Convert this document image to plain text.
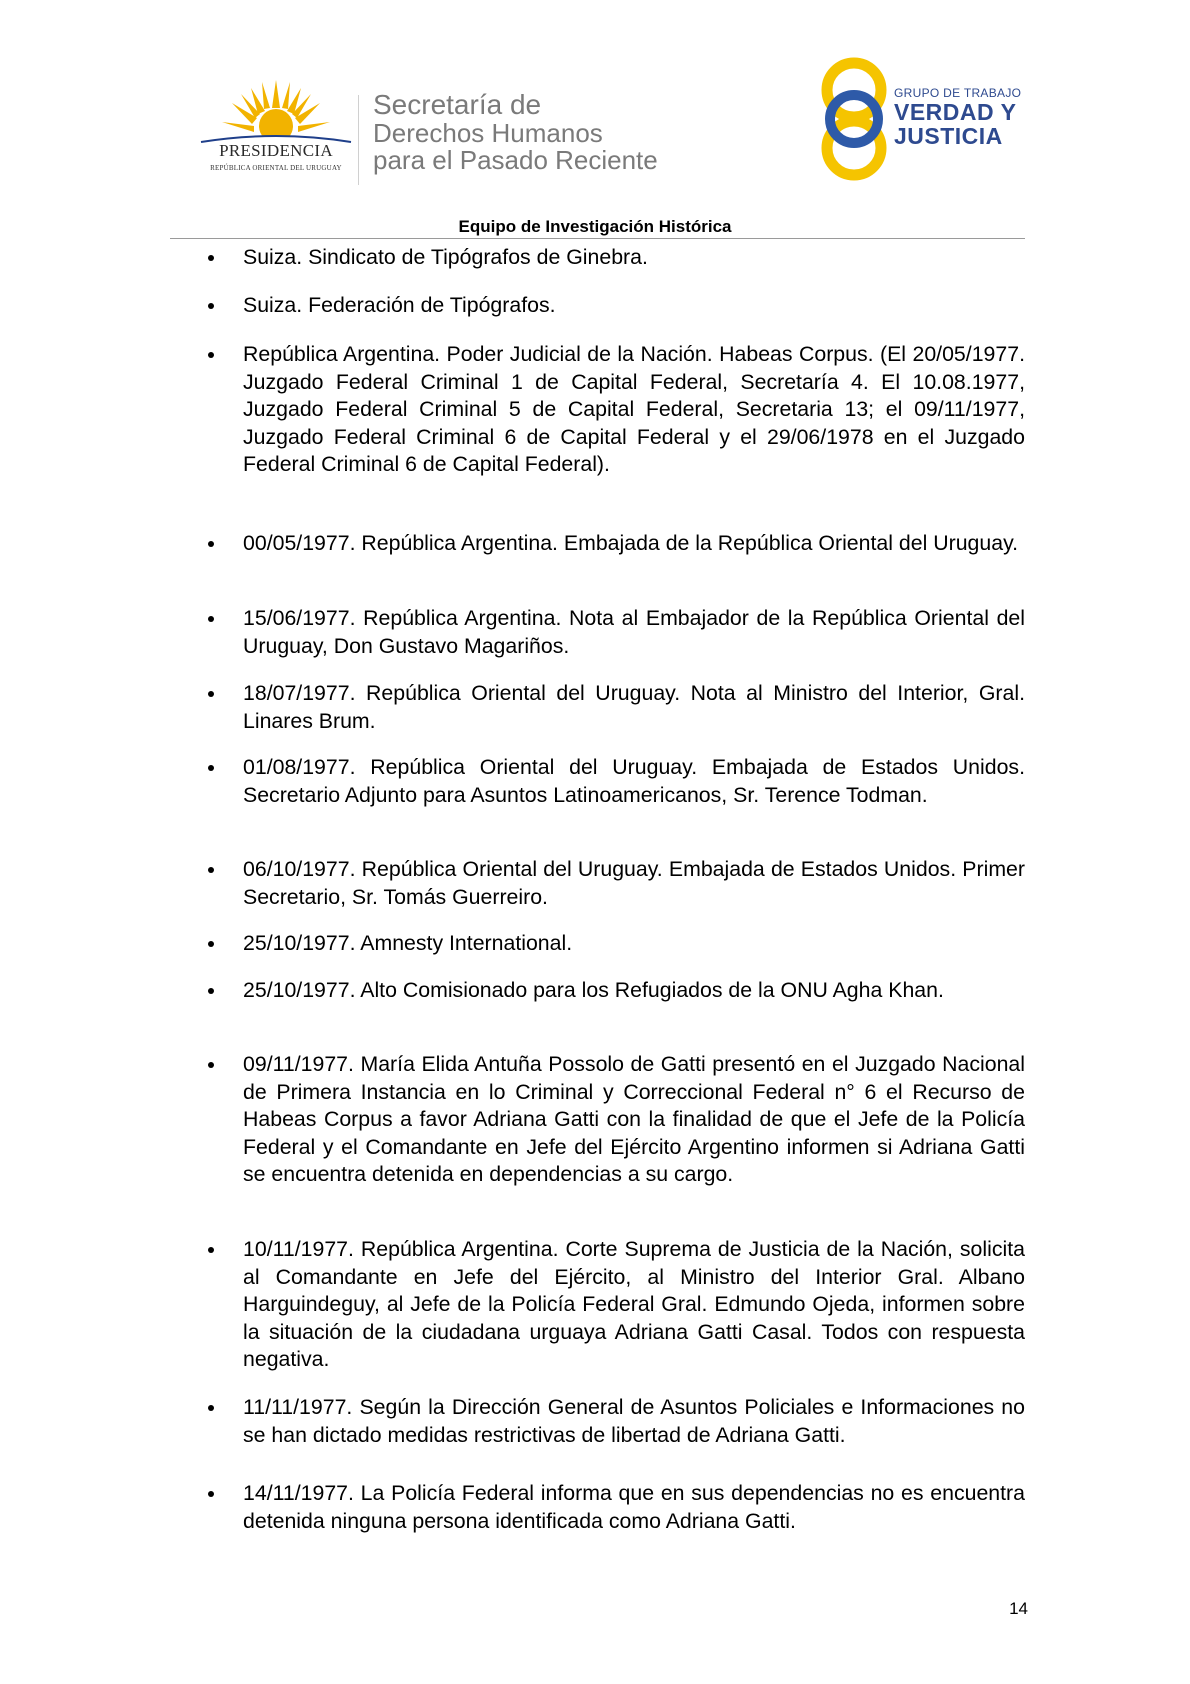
PRESIDENCIA
REPÚBLICA ORIENTAL DEL URUGUAY
Secretaría de
Derechos Humanos
para el Pasado Reciente
GRUPO DE TRABAJO
VERDAD Y
JUSTICIA
Equipo de Investigación Histórica
Suiza. Sindicato de Tipógrafos de Ginebra.
Suiza. Federación de Tipógrafos.
República Argentina. Poder Judicial de la Nación. Habeas Corpus. (El 20/05/1977. Juzgado Federal Criminal 1 de Capital Federal, Secretaría 4. El 10.08.1977, Juzgado Federal Criminal 5 de Capital Federal, Secretaria 13; el 09/11/1977, Juzgado Federal Criminal 6 de Capital Federal y el 29/06/1978 en el Juzgado Federal Criminal 6 de Capital Federal).
00/05/1977. República Argentina. Embajada de la República Oriental del Uruguay.
15/06/1977. República Argentina. Nota al Embajador de la República Oriental del Uruguay, Don Gustavo Magariños.
18/07/1977. República Oriental del Uruguay. Nota al Ministro del Interior, Gral. Linares Brum.
01/08/1977. República Oriental del Uruguay. Embajada de Estados Unidos. Secretario Adjunto para Asuntos Latinoamericanos, Sr. Terence Todman.
06/10/1977. República Oriental del Uruguay. Embajada de Estados Unidos. Primer Secretario, Sr. Tomás Guerreiro.
25/10/1977. Amnesty International.
25/10/1977. Alto Comisionado para los Refugiados de la ONU Agha Khan.
09/11/1977. María Elida Antuña Possolo de Gatti presentó en el Juzgado Nacional de Primera Instancia en lo Criminal y Correccional Federal n° 6 el Recurso de Habeas Corpus a favor Adriana Gatti con la finalidad de que el Jefe de la Policía Federal y el Comandante en Jefe del Ejército Argentino informen si Adriana Gatti se encuentra detenida en dependencias a su cargo.
10/11/1977. República Argentina. Corte Suprema de Justicia de la Nación, solicita al Comandante en Jefe del Ejército, al Ministro del Interior Gral. Albano Harguindeguy, al Jefe de la Policía Federal Gral. Edmundo Ojeda, informen sobre la situación de la ciudadana urguaya Adriana Gatti Casal. Todos con respuesta negativa.
11/11/1977. Según la Dirección General de Asuntos Policiales e Informaciones no se han dictado medidas restrictivas de libertad de Adriana Gatti.
14/11/1977. La Policía Federal informa que en sus dependencias no es encuentra detenida ninguna persona identificada como Adriana Gatti.
14
